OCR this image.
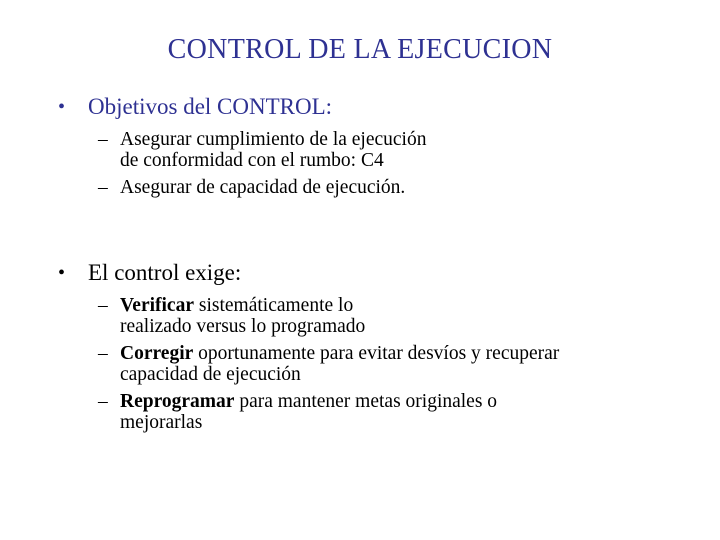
CONTROL DE LA EJECUCION
• Objetivos del CONTROL:
– Asegurar cumplimiento de la ejecución
de conformidad con el rumbo: C4
– Asegurar de capacidad de ejecución.
• El control exige:
– Verificar sistemáticamente lo
realizado versus lo programado
– Corregir oportunamente para evitar desvíos y recuperar
capacidad de ejecución
– Reprogramar para mantener metas originales o
mejorarlas
